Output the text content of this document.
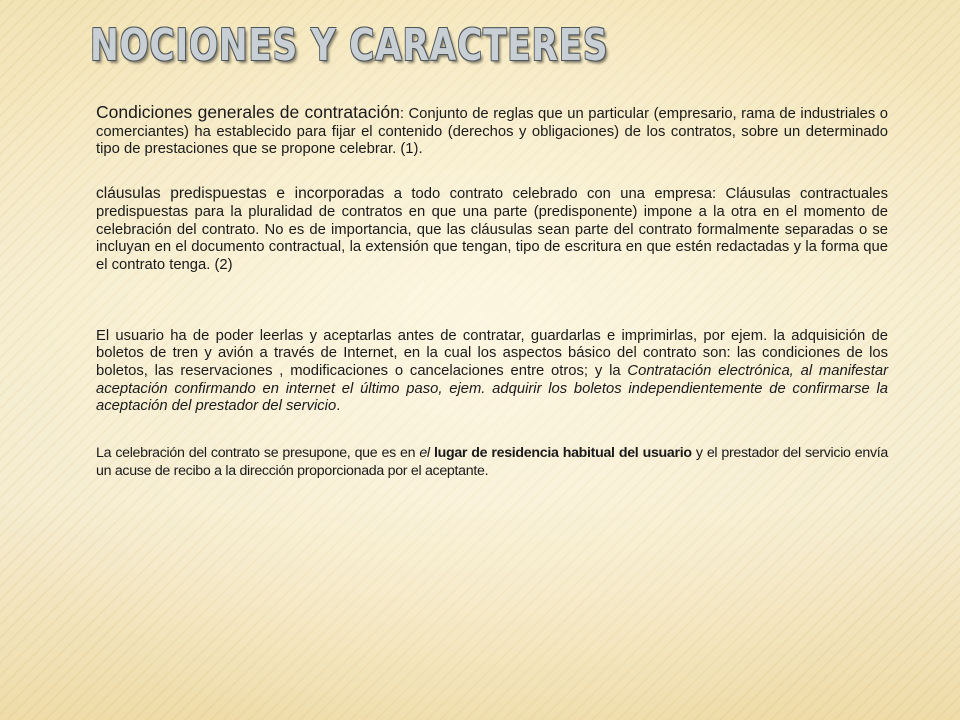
NOCIONES Y CARACTERES

Condiciones generales de contratación: Conjunto de reglas que un particular (empresario, rama de industriales o comerciantes) ha establecido para fijar el contenido (derechos y obligaciones) de los contratos, sobre un determinado tipo de prestaciones que se propone celebrar. (1).

cláusulas predispuestas e incorporadas a todo contrato celebrado con una empresa: Cláusulas contractuales predispuestas para la pluralidad de contratos en que una parte (predisponente) impone a la otra en el momento de celebración del contrato. No es de importancia, que las cláusulas sean parte del contrato formalmente separadas o se incluyan en el documento contractual, la extensión que tengan, tipo de escritura en que estén redactadas y la forma que el contrato tenga. (2)

El usuario ha de poder leerlas y aceptarlas antes de contratar, guardarlas e imprimirlas, por ejem. la adquisición de boletos de tren y avión a través de Internet, en la cual los aspectos básico del contrato son: las condiciones de los boletos, las reservaciones , modificaciones o cancelaciones entre otros; y la Contratación electrónica, al manifestar aceptación confirmando en internet el último paso, ejem. adquirir los boletos independientemente de confirmarse la aceptación del prestador del servicio.

La celebración del contrato se presupone, que es en el lugar de residencia habitual del usuario y el prestador del servicio envía un acuse de recibo a la dirección proporcionada por el aceptante.
